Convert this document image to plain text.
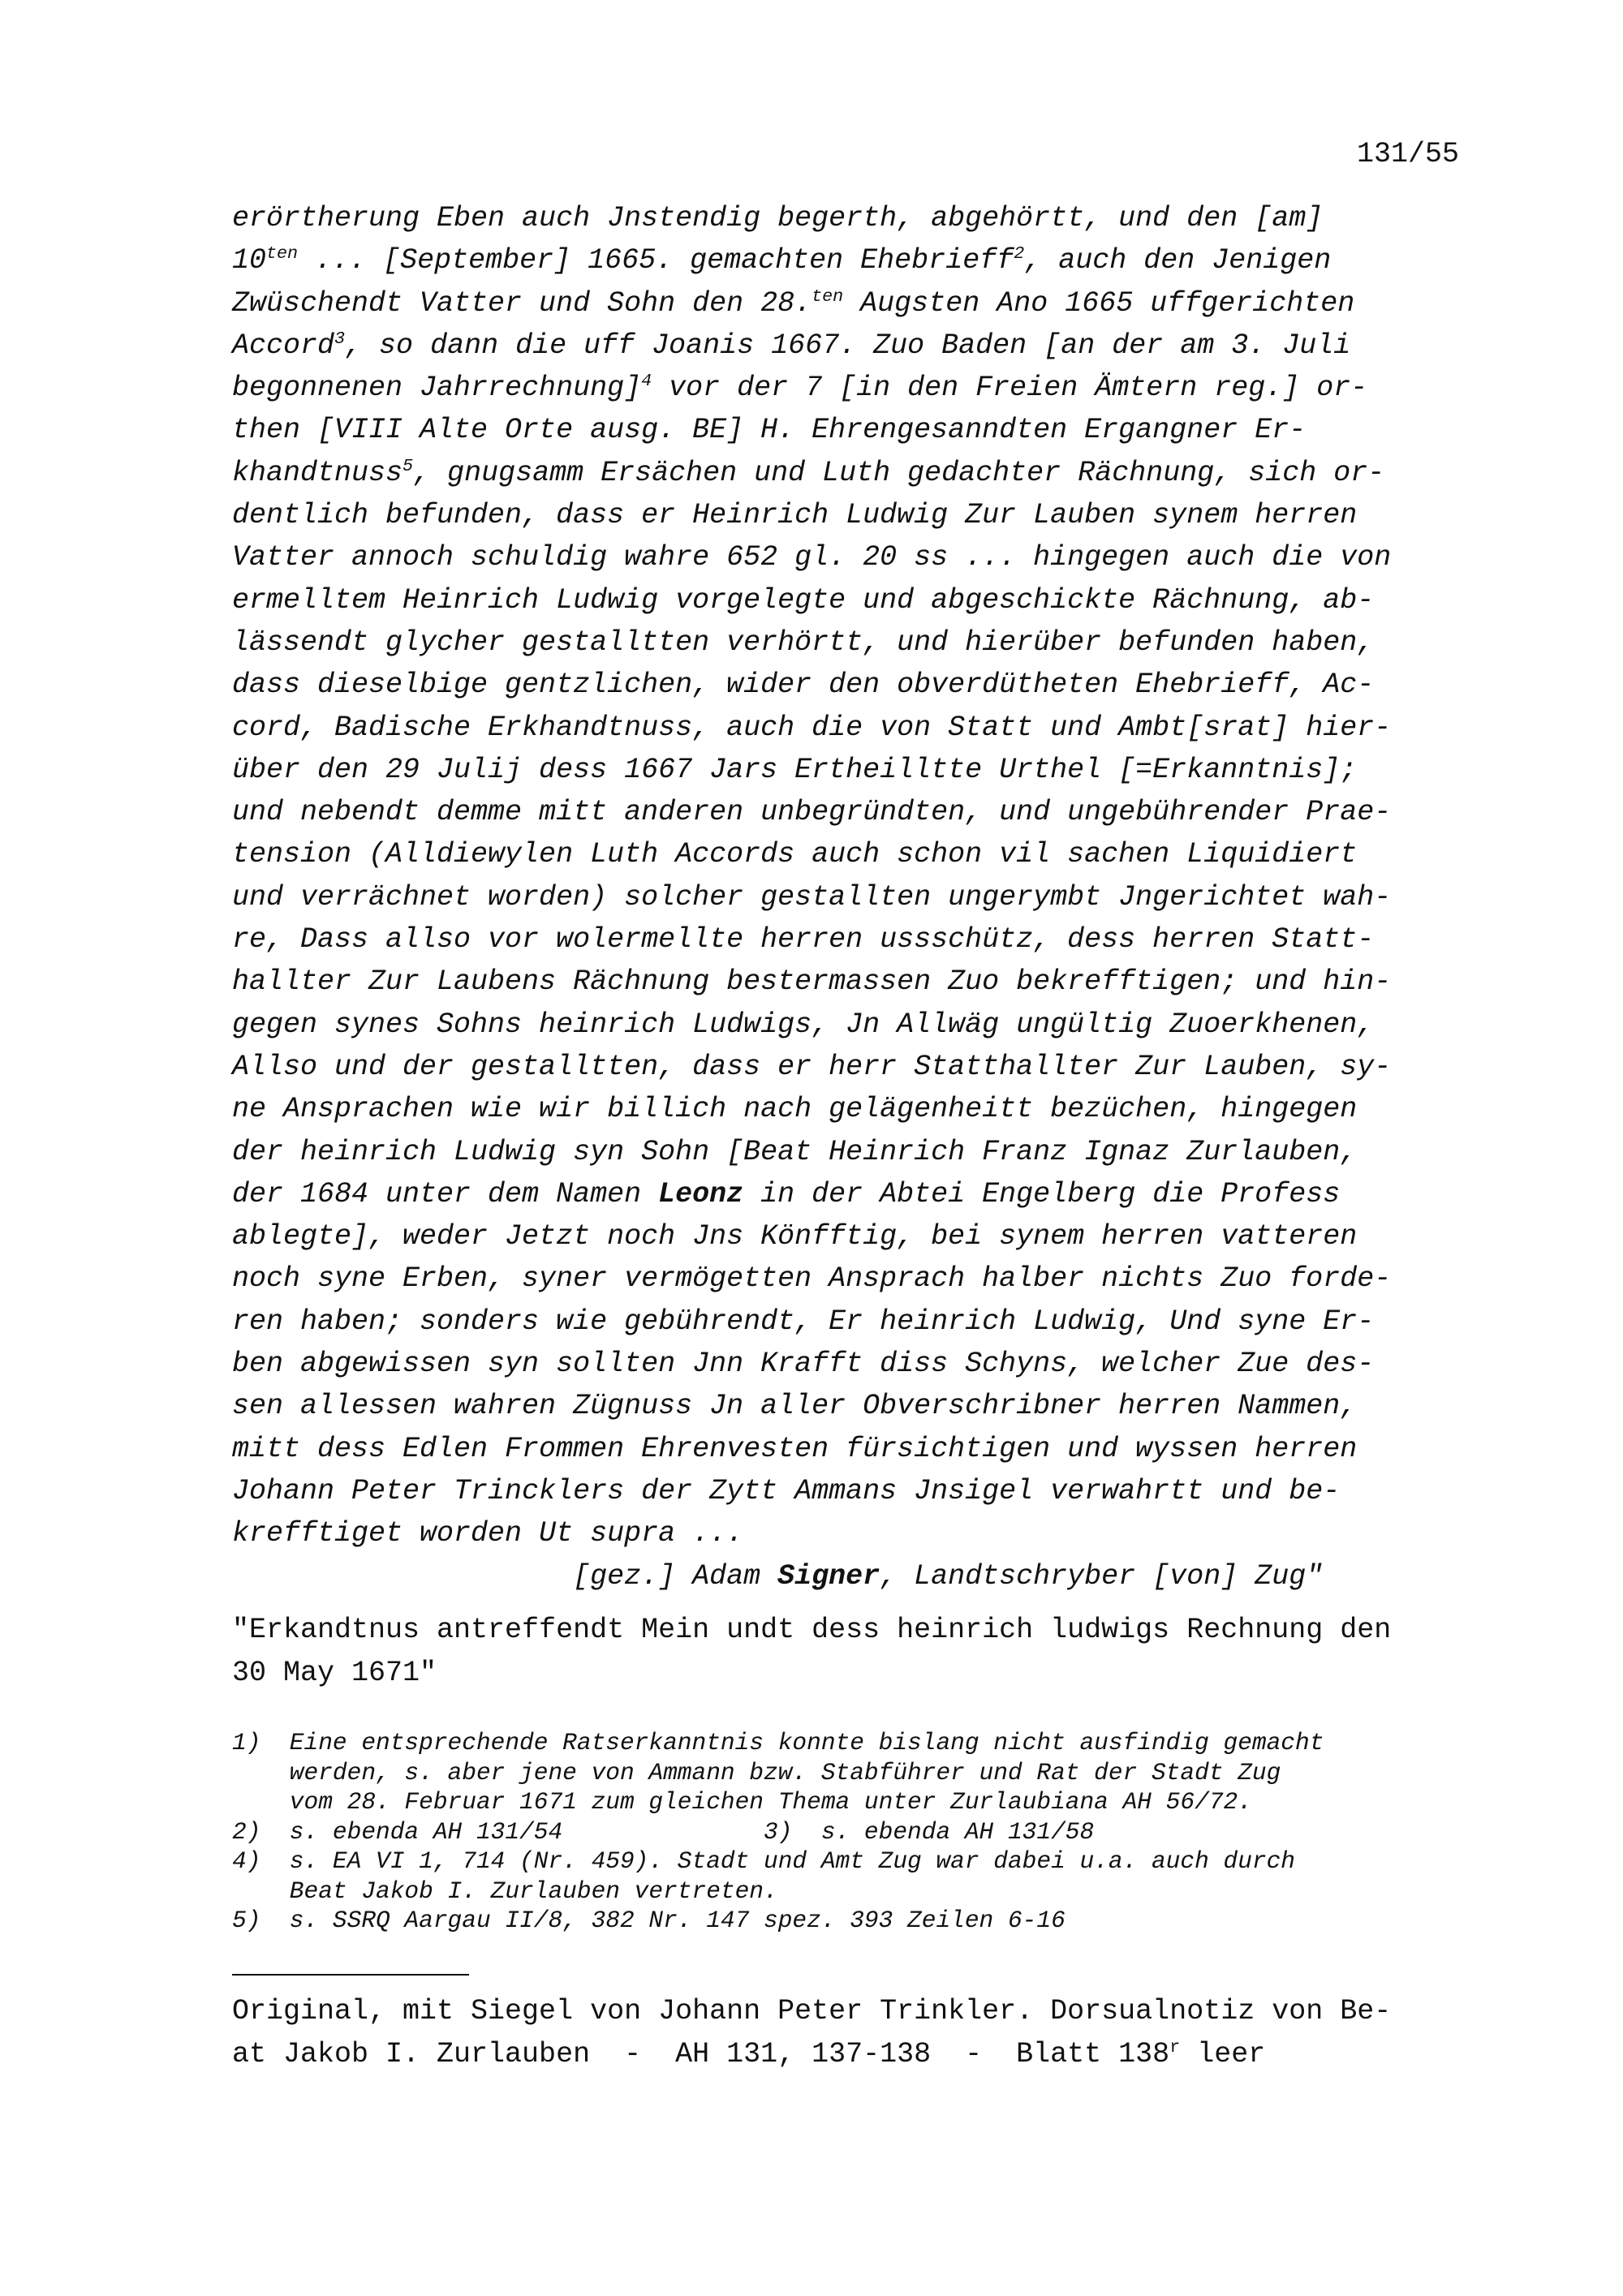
131/55
erörtherung Eben auch Jnstendig begerth, abgehörtt, und den [am]
$10^{ten}$ ... [September] 1665. gemachten Ehebrieff$^2$, auch den Jenigen
Zwüschendt Vatter und Sohn den 28.$^{ten}$ Augsten Ano 1665 uffgerichten
Accord$^3$, so dann die uff Joanis 1667. Zuo Baden [an der am 3. Juli
begonnenen Jahrrechnung]$^4$ vor der 7 [in den Freien Ämtern reg.] or-
then [VIII Alte Orte ausg. BE] H. Ehrengesanndten Ergangner Er-
khandtnuss$^5$, gnugsamm Ersächen und Luth gedachter Rächnung, sich or-
dentlich befunden, dass er Heinrich Ludwig Zur Lauben synem herren
Vatter annoch schuldig wahre 652 gl. 20 ss ... hingegen auch die von
ermelltem Heinrich Ludwig vorgelegte und abgeschickte Rächnung, ab-
lässendt glycher gestalltten verhörtt, und hierüber befunden haben,
dass dieselbige gentzlichen, wider den obverdütheten Ehebrieff, Ac-
cord, Badische Erkhandtnuss, auch die von Statt und Ambt[srat] hier-
über den 29 Julij dess 1667 Jars Ertheilltte Urthel [=Erkanntnis];
und nebendt demme mitt anderen unbegründten, und ungebührender Prae-
tension (Alldiewylen Luth Accords auch schon vil sachen Liquidiert
und verrächnet worden) solcher gestallten ungerymbt Jngerichtet wah-
re, Dass allso vor wolermellte herren ussschütz, dess herren Statt-
hallter Zur Laubens Rächnung bestermassen Zuo bekrefftigen; und hin-
gegen synes Sohns heinrich Ludwigs, Jn Allwäg ungültig Zuoerkhenen,
Allso und der gestalltten, dass er herr Statthallter Zur Lauben, sy-
ne Ansprachen wie wir billich nach gelägenheitt bezüchen, hingegen
der heinrich Ludwig syn Sohn [Beat Heinrich Franz Ignaz Zurlauben,
der 1684 unter dem Namen Leonz in der Abtei Engelberg die Profess
ablegte], weder Jetzt noch Jns Könfftig, bei synem herren vatteren
noch syne Erben, syner vermögetten Ansprach halber nichts Zuo forde-
ren haben; sonders wie gebührendt, Er heinrich Ludwig, Und syne Er-
ben abgewissen syn sollten Jnn Krafft diss Schyns, welcher Zue des-
sen allessen wahren Zügnuss Jn aller Obverschribner herren Nammen,
mitt dess Edlen Frommen Ehrenvesten fürsichtigen und wyssen herren
Johann Peter Trincklers der Zytt Ammans Jnsigel verwahrtt und be-
krefftiget worden Ut supra ...
[gez.] Adam Signer, Landtschryber [von] Zug"
"Erkandtnus antreffendt Mein undt dess heinrich ludwigs Rechnung den
30 May 1671"
1)  Eine entsprechende Ratserkanntnis konnte bislang nicht ausfindig gemacht
werden, s. aber jene von Ammann bzw. Stabführer und Rat der Stadt Zug
vom 28. Februar 1671 zum gleichen Thema unter Zurlaubiana AH 56/72.
2)  s. ebenda AH 131/54              3)  s. ebenda AH 131/58
4)  s. EA VI 1, 714 (Nr. 459). Stadt und Amt Zug war dabei u.a. auch durch
Beat Jakob I. Zurlauben vertreten.
5)  s. SSRQ Aargau II/8, 382 Nr. 147 spez. 393 Zeilen 6-16
Original, mit Siegel von Johann Peter Trinkler. Dorsualnotiz von Be-
at Jakob I. Zurlauben  -  AH 131, 137-138  -  Blatt 138$^r$ leer
